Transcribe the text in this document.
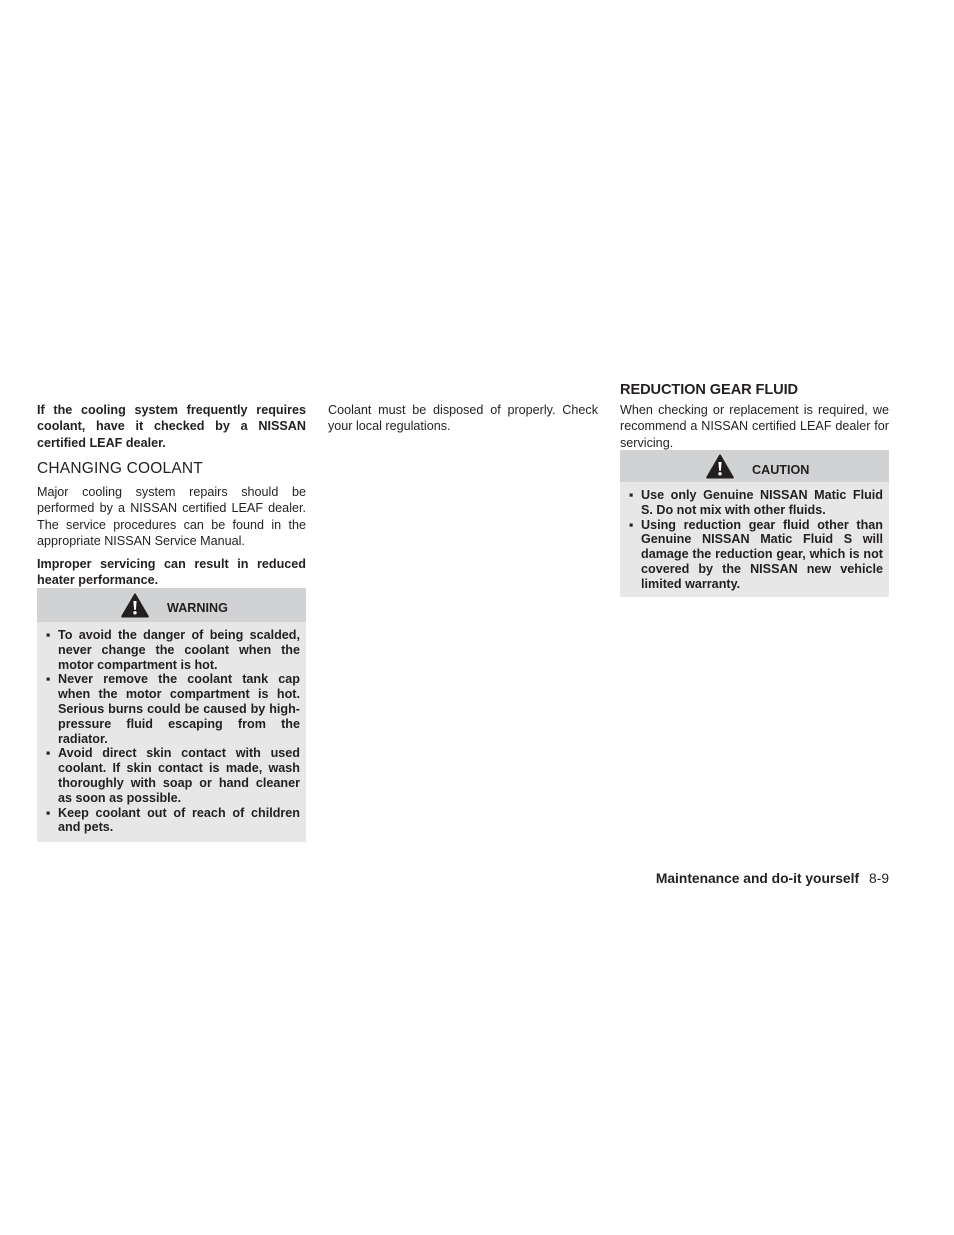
If the cooling system frequently requires coolant, have it checked by a NISSAN certified LEAF dealer.

CHANGING COOLANT

Major cooling system repairs should be performed by a NISSAN certified LEAF dealer. The service procedures can be found in the appropriate NISSAN Service Manual.

Improper servicing can result in reduced heater performance.

WARNING
▪ To avoid the danger of being scalded, never change the coolant when the motor compartment is hot.
▪ Never remove the coolant tank cap when the motor compartment is hot. Serious burns could be caused by high-pressure fluid escaping from the radiator.
▪ Avoid direct skin contact with used coolant. If skin contact is made, wash thoroughly with soap or hand cleaner as soon as possible.
▪ Keep coolant out of reach of children and pets.

Coolant must be disposed of properly. Check your local regulations.

REDUCTION GEAR FLUID

When checking or replacement is required, we recommend a NISSAN certified LEAF dealer for servicing.

CAUTION
▪ Use only Genuine NISSAN Matic Fluid S. Do not mix with other fluids.
▪ Using reduction gear fluid other than Genuine NISSAN Matic Fluid S will damage the reduction gear, which is not covered by the NISSAN new vehicle limited warranty.
Maintenance and do-it yourself 8-9
